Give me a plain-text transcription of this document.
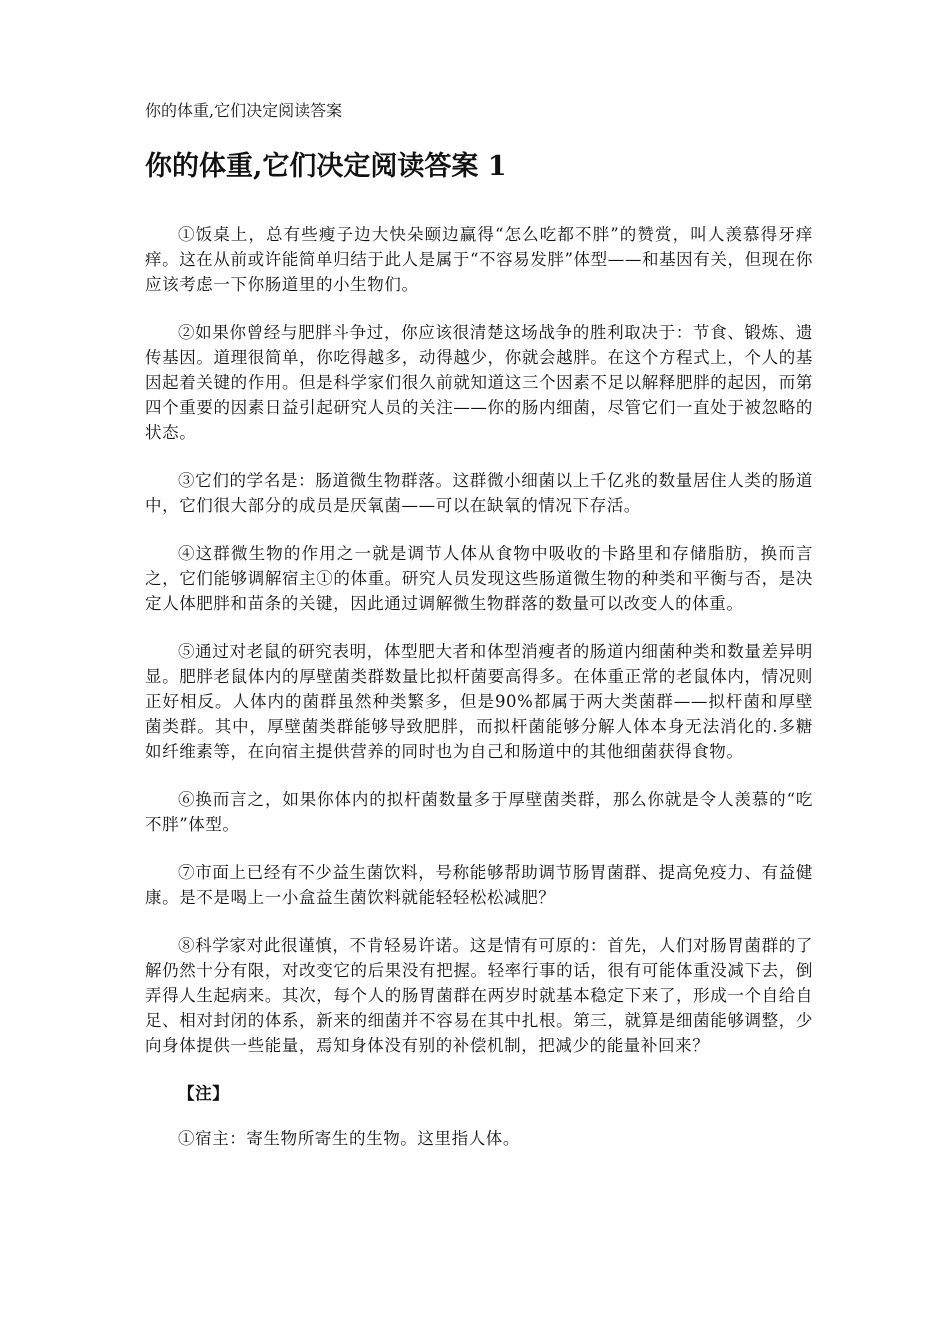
你的体重,它们决定阅读答案
你的体重,它们决定阅读答案 1

①饭桌上，总有些瘦子边大快朵颐边赢得“怎么吃都不胖”的赞赏，叫人羡慕得牙痒痒。这在从前或许能简单归结于此人是属于“不容易发胖”体型——和基因有关，但现在你应该考虑一下你肠道里的小生物们。

②如果你曾经与肥胖斗争过，你应该很清楚这场战争的胜利取决于：节食、锻炼、遗传基因。道理很简单，你吃得越多，动得越少，你就会越胖。在这个方程式上，个人的基因起着关键的作用。但是科学家们很久前就知道这三个因素不足以解释肥胖的起因，而第四个重要的因素日益引起研究人员的关注——你的肠内细菌，尽管它们一直处于被忽略的状态。

③它们的学名是：肠道微生物群落。这群微小细菌以上千亿兆的数量居住人类的肠道中，它们很大部分的成员是厌氧菌——可以在缺氧的情况下存活。

④这群微生物的作用之一就是调节人体从食物中吸收的卡路里和存储脂肪，换而言之，它们能够调解宿主①的体重。研究人员发现这些肠道微生物的种类和平衡与否，是决定人体肥胖和苗条的关键，因此通过调解微生物群落的数量可以改变人的体重。

⑤通过对老鼠的研究表明，体型肥大者和体型消瘦者的肠道内细菌种类和数量差异明显。肥胖老鼠体内的厚壁菌类群数量比拟杆菌要高得多。在体重正常的老鼠体内，情况则正好相反。人体内的菌群虽然种类繁多，但是90%都属于两大类菌群——拟杆菌和厚壁菌类群。其中，厚壁菌类群能够导致肥胖，而拟杆菌能够分解人体本身无法消化的.多糖如纤维素等，在向宿主提供营养的同时也为自己和肠道中的其他细菌获得食物。

⑥换而言之，如果你体内的拟杆菌数量多于厚壁菌类群，那么你就是令人羡慕的“吃不胖”体型。

⑦市面上已经有不少益生菌饮料，号称能够帮助调节肠胃菌群、提高免疫力、有益健康。是不是喝上一小盒益生菌饮料就能轻轻松松减肥？

⑧科学家对此很谨慎，不肯轻易许诺。这是情有可原的：首先，人们对肠胃菌群的了解仍然十分有限，对改变它的后果没有把握。轻率行事的话，很有可能体重没减下去，倒弄得人生起病来。其次，每个人的肠胃菌群在两岁时就基本稳定下来了，形成一个自给自足、相对封闭的体系，新来的细菌并不容易在其中扎根。第三，就算是细菌能够调整，少向身体提供一些能量，焉知身体没有别的补偿机制，把减少的能量补回来？

【注】

①宿主：寄生物所寄生的生物。这里指人体。
